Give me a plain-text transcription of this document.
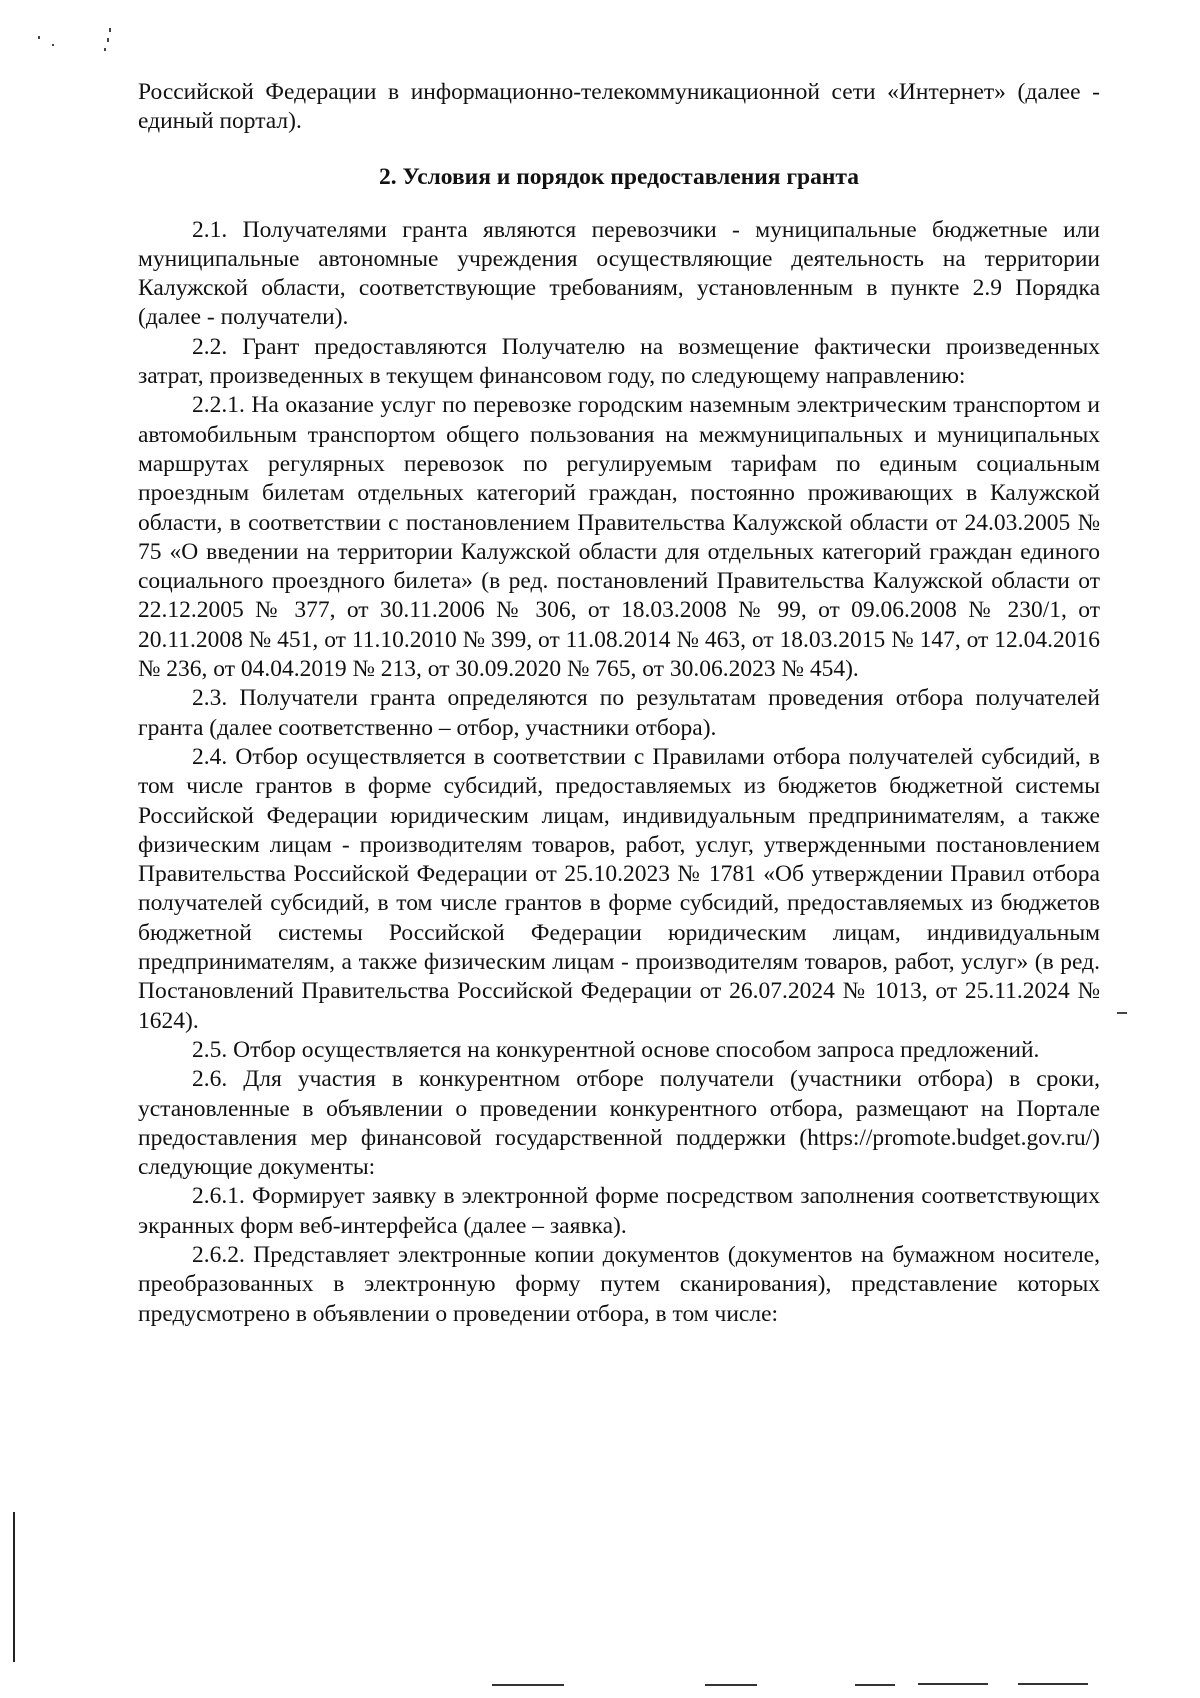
Российской Федерации в информационно-телекоммуникационной сети «Интернет» (далее - единый портал).

2. Условия и порядок предоставления гранта

2.1. Получателями гранта являются перевозчики - муниципальные бюджетные или муниципальные автономные учреждения осуществляющие деятельность на территории Калужской области, соответствующие требованиям, установленным в пункте 2.9 Порядка (далее - получатели).

2.2. Грант предоставляются Получателю на возмещение фактически произведенных затрат, произведенных в текущем финансовом году, по следующему направлению:

2.2.1. На оказание услуг по перевозке городским наземным электрическим транспортом и автомобильным транспортом общего пользования на межмуниципальных и муниципальных маршрутах регулярных перевозок по регулируемым тарифам по единым социальным проездным билетам отдельных категорий граждан, постоянно проживающих в Калужской области, в соответствии с постановлением Правительства Калужской области от 24.03.2005 № 75 «О введении на территории Калужской области для отдельных категорий граждан единого социального проездного билета» (в ред. постановлений Правительства Калужской области от 22.12.2005 № 377, от 30.11.2006 № 306, от 18.03.2008 № 99, от 09.06.2008 № 230/1, от 20.11.2008 № 451, от 11.10.2010 № 399, от 11.08.2014 № 463, от 18.03.2015 № 147, от 12.04.2016 № 236, от 04.04.2019 № 213, от 30.09.2020 № 765, от 30.06.2023 № 454).

2.3. Получатели гранта определяются по результатам проведения отбора получателей гранта (далее соответственно – отбор, участники отбора).

2.4. Отбор осуществляется в соответствии с Правилами отбора получателей субсидий, в том числе грантов в форме субсидий, предоставляемых из бюджетов бюджетной системы Российской Федерации юридическим лицам, индивидуальным предпринимателям, а также физическим лицам - производителям товаров, работ, услуг, утвержденными постановлением Правительства Российской Федерации от 25.10.2023 № 1781 «Об утверждении Правил отбора получателей субсидий, в том числе грантов в форме субсидий, предоставляемых из бюджетов бюджетной системы Российской Федерации юридическим лицам, индивидуальным предпринимателям, а также физическим лицам - производителям товаров, работ, услуг» (в ред. Постановлений Правительства Российской Федерации от 26.07.2024 № 1013, от 25.11.2024 № 1624).

2.5. Отбор осуществляется на конкурентной основе способом запроса предложений.

2.6. Для участия в конкурентном отборе получатели (участники отбора) в сроки, установленные в объявлении о проведении конкурентного отбора, размещают на Портале предоставления мер финансовой государственной поддержки (https://promote.budget.gov.ru/) следующие документы:

2.6.1. Формирует заявку в электронной форме посредством заполнения соответствующих экранных форм веб-интерфейса (далее – заявка).

2.6.2. Представляет электронные копии документов (документов на бумажном носителе, преобразованных в электронную форму путем сканирования), представление которых предусмотрено в объявлении о проведении отбора, в том числе:
